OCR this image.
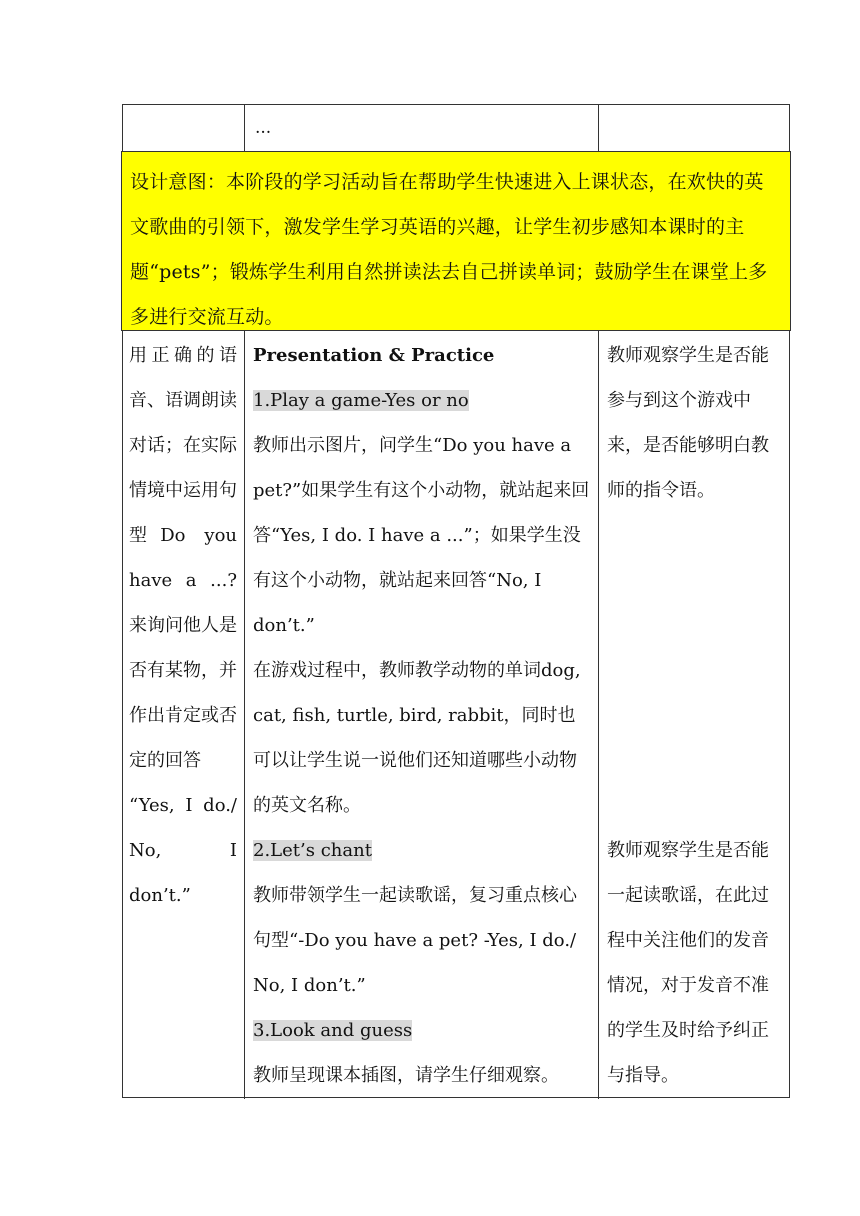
...
设计意图：本阶段的学习活动旨在帮助学生快速进入上课状态，在欢快的英文歌曲的引领下，激发学生学习英语的兴趣，让学生初步感知本课时的主题“pets”；锻炼学生利用自然拼读法去自己拼读单词；鼓励学生在课堂上多多进行交流互动。
用正确的语音、语调朗读对话；在实际情境中运用句型Do you have a ...?来询问他人是否有某物，并作出肯定或否定的回答
“Yes, I do./ No, I don’t.”
Presentation & Practice
1.Play a game-Yes or no
教师出示图片，问学生“Do you have a pet?”如果学生有这个小动物，就站起来回答“Yes, I do. I have a ...”；如果学生没有这个小动物，就站起来回答“No, I don’t.”
在游戏过程中，教师教学动物的单词dog, cat, fish, turtle, bird, rabbit，同时也可以让学生说一说他们还知道哪些小动物的英文名称。
2.Let’s chant
教师带领学生一起读歌谣，复习重点核心句型“-Do you have a pet? -Yes, I do./ No, I don’t.”
3.Look and guess
教师呈现课本插图，请学生仔细观察。
教师观察学生是否能参与到这个游戏中来，是否能够明白教师的指令语。
教师观察学生是否能一起读歌谣，在此过程中关注他们的发音情况，对于发音不准的学生及时给予纠正与指导。
